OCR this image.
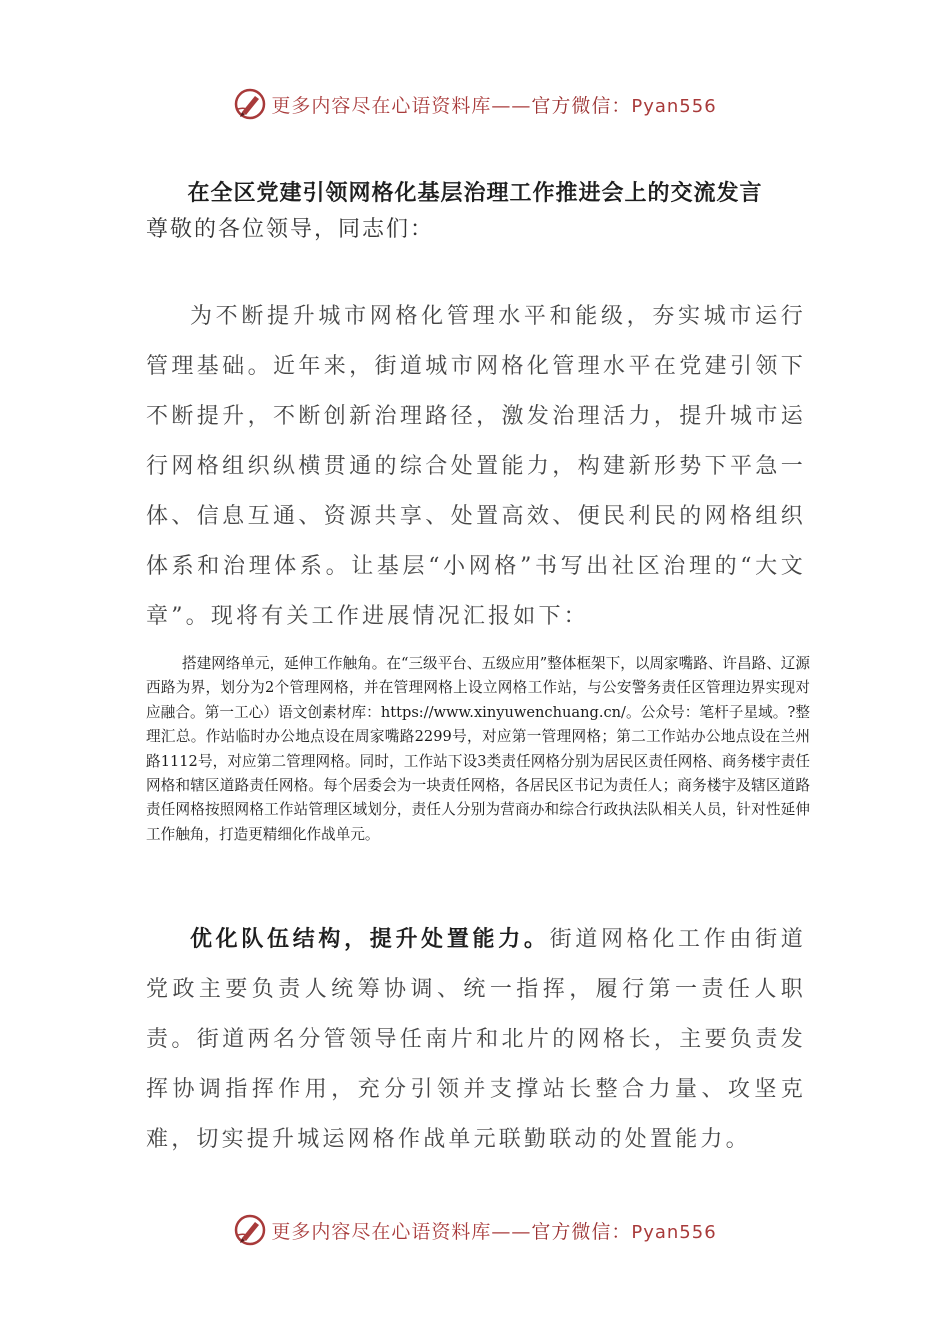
更多内容尽在心语资料库——官方微信：Pyan556
在全区党建引领网格化基层治理工作推进会上的交流发言
尊敬的各位领导，同志们：

为不断提升城市网格化管理水平和能级，夯实城市运行管理基础。近年来，街道城市网格化管理水平在党建引领下不断提升，不断创新治理路径，激发治理活力，提升城市运行网格组织纵横贯通的综合处置能力，构建新形势下平急一体、信息互通、资源共享、处置高效、便民利民的网格组织体系和治理体系。让基层“小网格”书写出社区治理的“大文章”。现将有关工作进展情况汇报如下：

搭建网络单元，延伸工作触角。在“三级平台、五级应用”整体框架下，以周家嘴路、许昌路、辽源西路为界，划分为2个管理网格，并在管理网格上设立网格工作站，与公安警务责任区管理边界实现对应融合。第一工心）语文创素材库：https://www.xinyuwenchuang.cn/。公众号：笔杆子星域。?整理汇总。作站临时办公地点设在周家嘴路2299号，对应第一管理网格；第二工作站办公地点设在兰州路1112号，对应第二管理网格。同时，工作站下设3类责任网格分别为居民区责任网格、商务楼宇责任网格和辖区道路责任网格。每个居委会为一块责任网格，各居民区书记为责任人；商务楼宇及辖区道路责任网格按照网格工作站管理区域划分，责任人分别为营商办和综合行政执法队相关人员，针对性延伸工作触角，打造更精细化作战单元。

优化队伍结构，提升处置能力。街道网格化工作由街道党政主要负责人统筹协调、统一指挥，履行第一责任人职责。街道两名分管领导任南片和北片的网格长，主要负责发挥协调指挥作用，充分引领并支撑站长整合力量、攻坚克难，切实提升城运网格作战单元联勤联动的处置能力。

更多内容尽在心语资料库——官方微信：Pyan556
